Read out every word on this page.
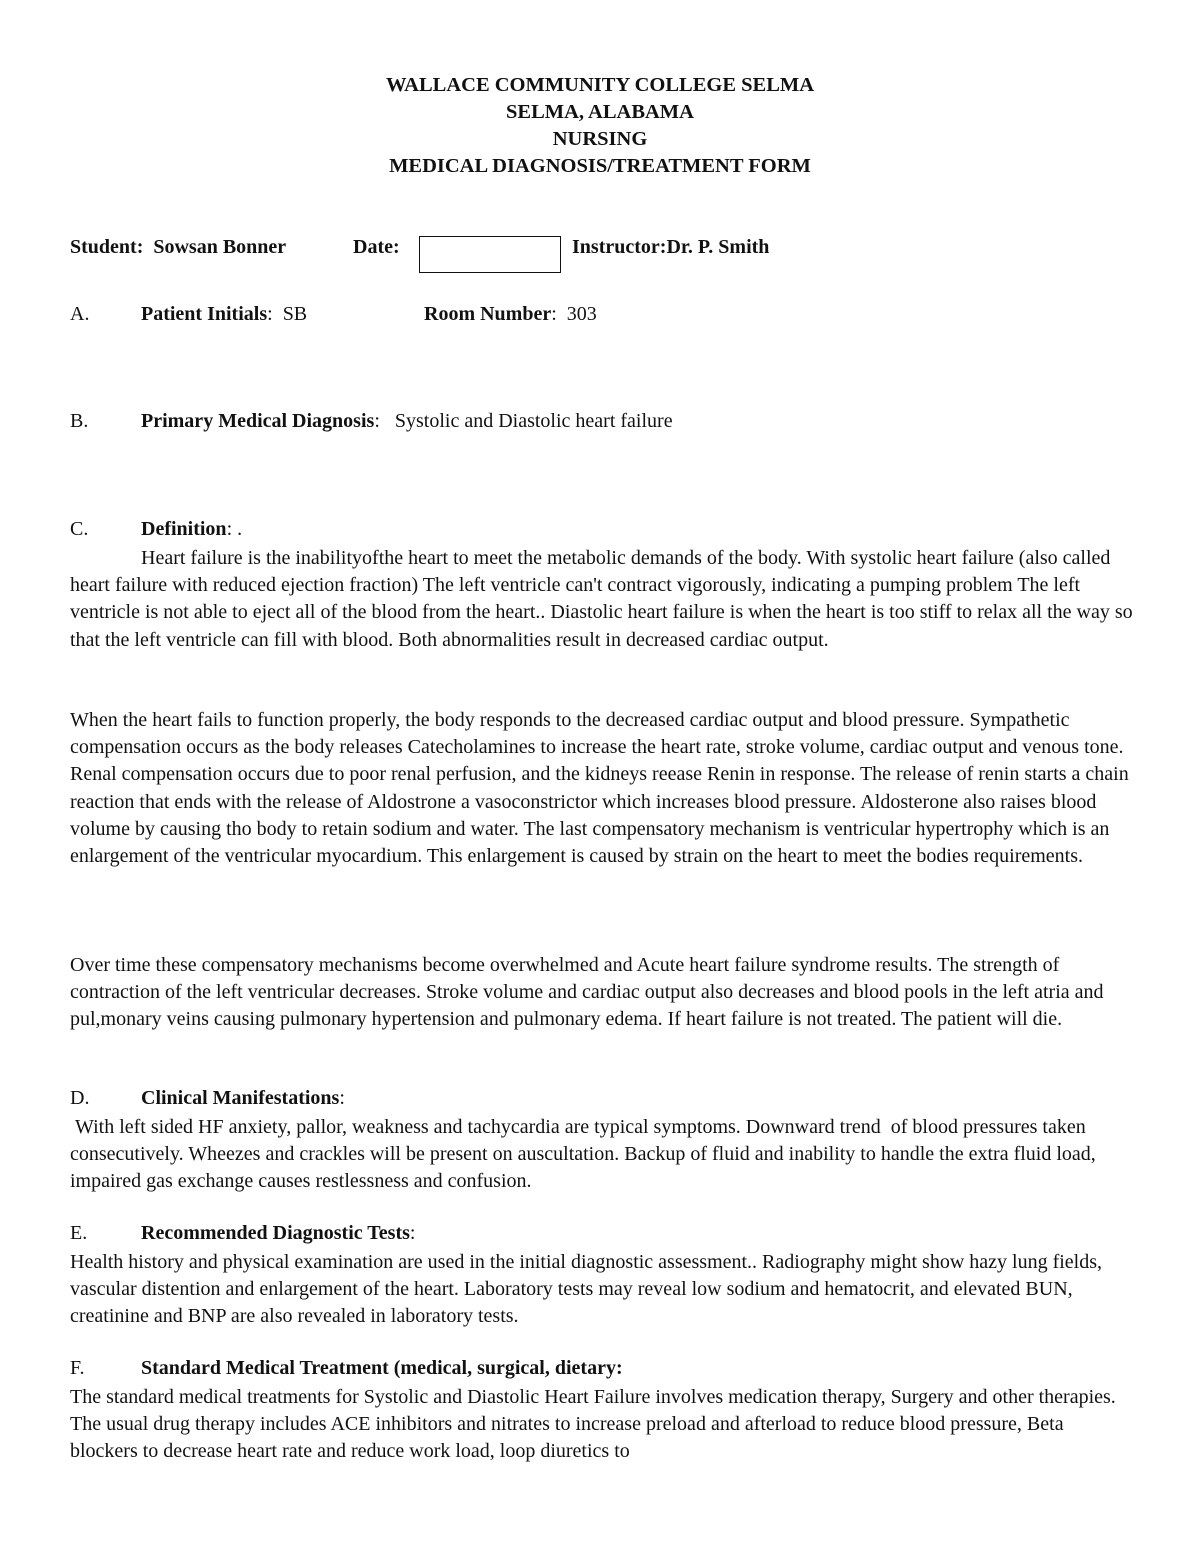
WALLACE COMMUNITY COLLEGE SELMA
SELMA, ALABAMA
NURSING
MEDICAL DIAGNOSIS/TREATMENT FORM
Student: Sowsan Bonner	Date:	Instructor:Dr. P. Smith
A.	Patient Initials:  SB	Room Number:  303
B.	Primary Medical Diagnosis:   Systolic and Diastolic heart failure
C.	Definition: .

Heart failure is the inabilityofthe heart to meet the metabolic demands of the body. With systolic heart failure (also called heart failure with reduced ejection fraction) The left ventricle can't contract vigorously, indicating a pumping problem The left ventricle is not able to eject all of the blood from the heart.. Diastolic heart failure is when the heart is too stiff to relax all the way so that the left ventricle can fill with blood. Both abnormalities result in decreased cardiac output.

When the heart fails to function properly, the body responds to the decreased cardiac output and blood pressure. Sympathetic compensation occurs as the body releases Catecholamines to increase the heart rate, stroke volume, cardiac output and venous tone. Renal compensation occurs due to poor renal perfusion, and the kidneys reease Renin in response. The release of renin starts a chain reaction that ends with the release of Aldostrone a vasoconstrictor which increases blood pressure. Aldosterone also raises blood volume by causing tho body to retain sodium and water. The last compensatory mechanism is ventricular hypertrophy which is an enlargement of the ventricular myocardium. This enlargement is caused by strain on the heart to meet the bodies requirements.

Over time these compensatory mechanisms become overwhelmed and Acute heart failure syndrome results. The strength of contraction of the left ventricular decreases. Stroke volume and cardiac output also decreases and blood pools in the left atria and pul,monary veins causing pulmonary hypertension and pulmonary edema. If heart failure is not treated. The patient will die.

D.	Clinical Manifestations:

With left sided HF anxiety, pallor, weakness and tachycardia are typical symptoms. Downward trend  of blood pressures taken consecutively. Wheezes and crackles will be present on auscultation. Backup of fluid and inability to handle the extra fluid load, impaired gas exchange causes restlessness and confusion.

E.	Recommended Diagnostic Tests:

Health history and physical examination are used in the initial diagnostic assessment.. Radiography might show hazy lung fields, vascular distention and enlargement of the heart. Laboratory tests may reveal low sodium and hematocrit, and elevated BUN, creatinine and BNP are also revealed in laboratory tests.

F.	Standard Medical Treatment (medical, surgical, dietary:

The standard medical treatments for Systolic and Diastolic Heart Failure involves medication therapy, Surgery and other therapies. The usual drug therapy includes ACE inhibitors and nitrates to increase preload and afterload to reduce blood pressure, Beta blockers to decrease heart rate and reduce work load, loop diuretics to
